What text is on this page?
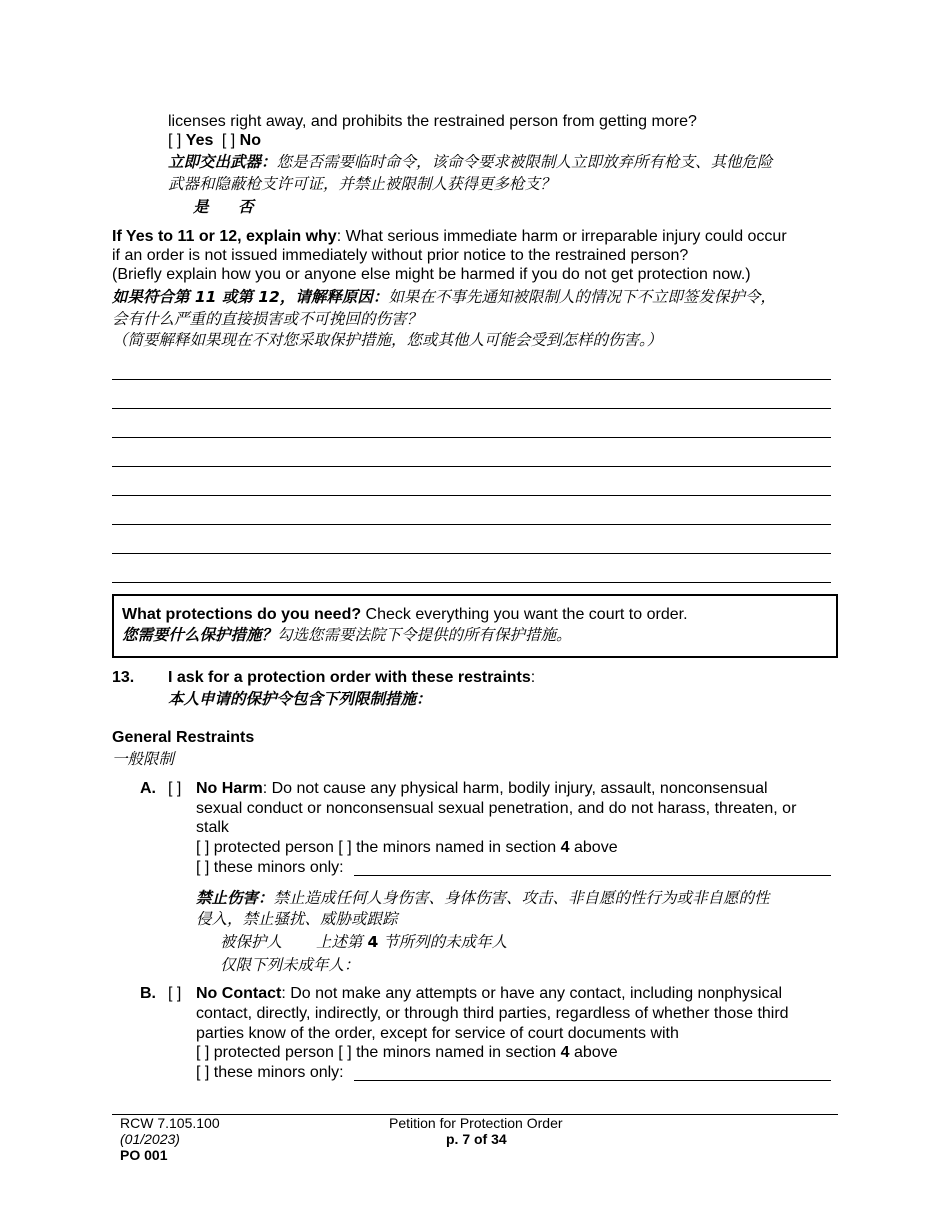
licenses right away, and prohibits the restrained person from getting more?
[ ] Yes [ ] No
立即交出武器：您是否需要临时命令，该命令要求被限制人立即放弃所有枪支、其他危险
武器和隐蔽枪支许可证，并禁止被限制人获得更多枪支？
是 否
If Yes to 11 or 12, explain why: What serious immediate harm or irreparable injury could occur
if an order is not issued immediately without prior notice to the restrained person?
(Briefly explain how you or anyone else might be harmed if you do not get protection now.)
如果符合第 11 或第 12，请解释原因：如果在不事先通知被限制人的情况下不立即签发保护令，
会有什么严重的直接损害或不可挽回的伤害？
（简要解释如果现在不对您采取保护措施，您或其他人可能会受到怎样的伤害。）
What protections do you need? Check everything you want the court to order.
您需要什么保护措施？勾选您需要法院下令提供的所有保护措施。
13. I ask for a protection order with these restraints:
本人申请的保护令包含下列限制措施：
General Restraints
一般限制
A. [ ] No Harm: Do not cause any physical harm, bodily injury, assault, nonconsensual
sexual conduct or nonconsensual sexual penetration, and do not harass, threaten, or
stalk
[ ] protected person [ ] the minors named in section 4 above
[ ] these minors only:
禁止伤害：禁止造成任何人身伤害、身体伤害、攻击、非自愿的性行为或非自愿的性
侵入，禁止骚扰、威胁或跟踪
被保护人 上述第 4 节所列的未成年人
仅限下列未成年人：
B. [ ] No Contact: Do not make any attempts or have any contact, including nonphysical
contact, directly, indirectly, or through third parties, regardless of whether those third
parties know of the order, except for service of court documents with
[ ] protected person [ ] the minors named in section 4 above
[ ] these minors only:
RCW 7.105.100
(01/2023)
PO 001
Petition for Protection Order
p. 7 of 34
